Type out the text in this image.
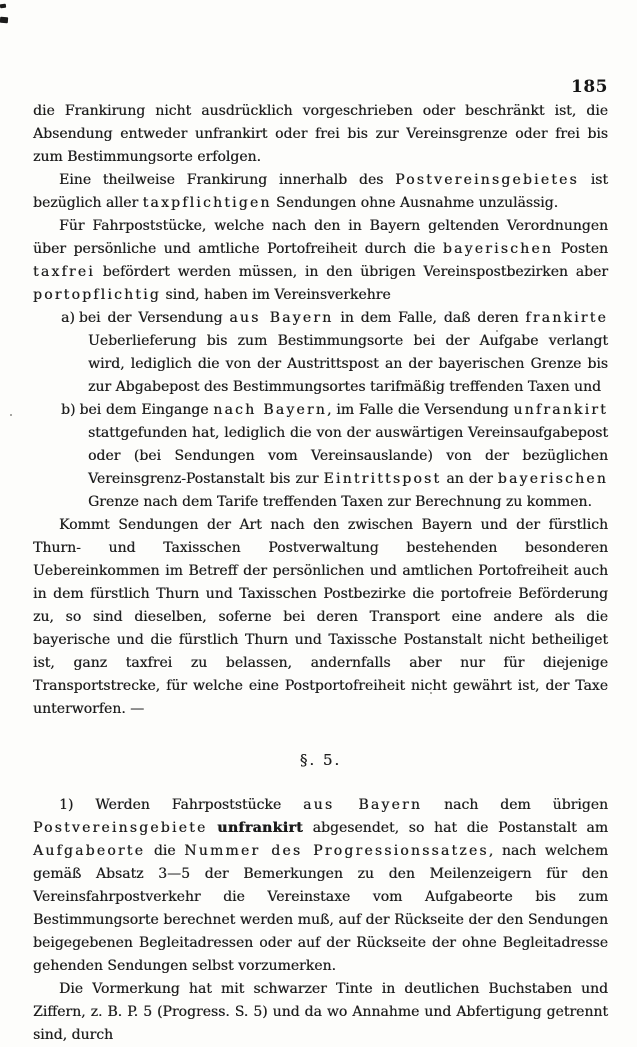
185

die Frankirung nicht ausdrücklich vorgeschrieben oder beschränkt ist, die Absendung entweder unfrankirt oder frei bis zur Vereinsgrenze oder frei bis zum Bestimmungsorte erfolgen.

Eine theilweise Frankirung innerhalb des Postvereinsgebietes ist bezüglich aller taxpflichtigen Sendungen ohne Ausnahme unzulässig.

Für Fahrpoststücke, welche nach den in Bayern geltenden Verordnungen über persönliche und amtliche Portofreiheit durch die bayerischen Posten taxfrei befördert werden müssen, in den übrigen Vereinspostbezirken aber portopflichtig sind, haben im Vereinsverkehre

a) bei der Versendung aus Bayern in dem Falle, daß deren frankirte Ueberlieferung bis zum Bestimmungsorte bei der Aufgabe verlangt wird, lediglich die von der Austrittspost an der bayerischen Grenze bis zur Abgabepost des Bestimmungsortes tarifmäßig treffenden Taxen und

b) bei dem Eingange nach Bayern, im Falle die Versendung unfrankirt stattgefunden hat, lediglich die von der auswärtigen Vereinsaufgabepost oder (bei Sendungen vom Vereinsauslande) von der bezüglichen Vereinsgrenz-Postanstalt bis zur Eintrittspost an der bayerischen Grenze nach dem Tarife treffenden Taxen zur Berechnung zu kommen.

Kommt Sendungen der Art nach den zwischen Bayern und der fürstlich Thurn- und Taxisschen Postverwaltung bestehenden besonderen Uebereinkommen im Betreff der persönlichen und amtlichen Portofreiheit auch in dem fürstlich Thurn und Taxisschen Postbezirke die portofreie Beförderung zu, so sind dieselben, soferne bei deren Transport eine andere als die bayerische und die fürstlich Thurn und Taxissche Postanstalt nicht betheiliget ist, ganz taxfrei zu belassen, andernfalls aber nur für diejenige Transportstrecke, für welche eine Postportofreiheit nicht gewährt ist, der Taxe unterworfen. —

§. 5.

1) Werden Fahrpoststücke aus Bayern nach dem übrigen Postvereinsgebiete unfrankirt abgesendet, so hat die Postanstalt am Aufgabeorte die Nummer des Progressionssatzes, nach welchem gemäß Absatz 3—5 der Bemerkungen zu den Meilenzeigern für den Vereinsfahrpostverkehr die Vereinstaxe vom Aufgabeorte bis zum Bestimmungsorte berechnet werden muß, auf der Rückseite der den Sendungen beigegebenen Begleitadressen oder auf der Rückseite der ohne Begleitadresse gehenden Sendungen selbst vorzumerken.

Die Vormerkung hat mit schwarzer Tinte in deutlichen Buchstaben und Ziffern, z. B. P. 5 (Progress. S. 5) und da wo Annahme und Abfertigung getrennt sind, durch
